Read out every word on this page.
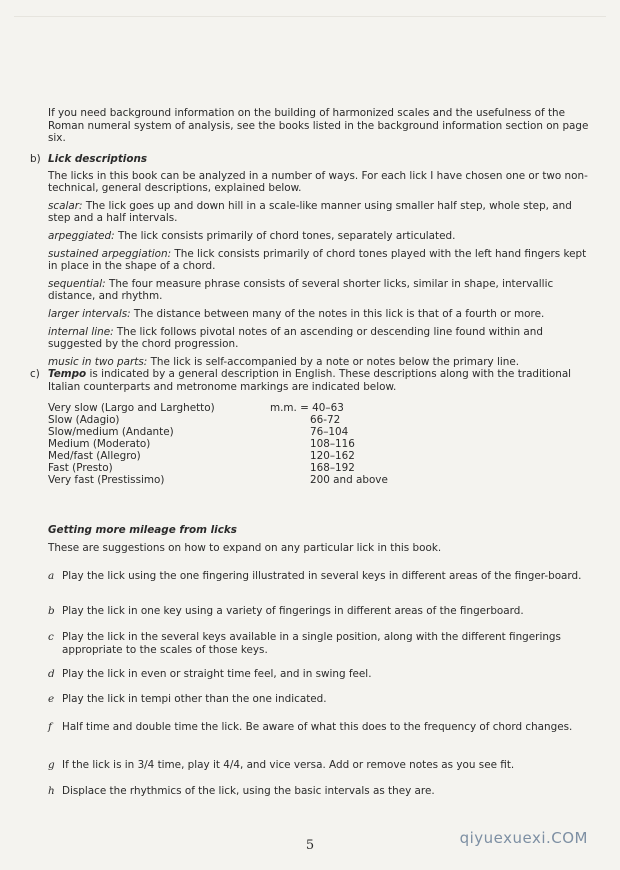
If you need background information on the building of harmonized scales and the usefulness of the Roman numeral system of analysis, see the books listed in the background information section on page six.

b) Lick descriptions

The licks in this book can be analyzed in a number of ways. For each lick I have chosen one or two non-technical, general descriptions, explained below.

scalar: The lick goes up and down hill in a scale-like manner using smaller half step, whole step, and step and a half intervals.

arpeggiated: The lick consists primarily of chord tones, separately articulated.

sustained arpeggiation: The lick consists primarily of chord tones played with the left hand fingers kept in place in the shape of a chord.

sequential: The four measure phrase consists of several shorter licks, similar in shape, intervallic distance, and rhythm.

larger intervals: The distance between many of the notes in this lick is that of a fourth or more.

internal line: The lick follows pivotal notes of an ascending or descending line found within and suggested by the chord progression.

music in two parts: The lick is self-accompanied by a note or notes below the primary line.

c) Tempo is indicated by a general description in English. These descriptions along with the traditional Italian counterparts and metronome markings are indicated below.

Very slow (Largo and Larghetto)	m.m. = 40–63
Slow (Adagio)	66-72
Slow/medium (Andante)	76–104
Medium (Moderato)	108–116
Med/fast (Allegro)	120–162
Fast (Presto)	168–192
Very fast (Prestissimo)	200 and above

Getting more mileage from licks

These are suggestions on how to expand on any particular lick in this book.

a Play the lick using the one fingering illustrated in several keys in different areas of the finger-board.
b Play the lick in one key using a variety of fingerings in different areas of the fingerboard.
c Play the lick in the several keys available in a single position, along with the different fingerings appropriate to the scales of those keys.
d Play the lick in even or straight time feel, and in swing feel.
e Play the lick in tempi other than the one indicated.
f Half time and double time the lick. Be aware of what this does to the frequency of chord changes.
g If the lick is in 3/4 time, play it 4/4, and vice versa. Add or remove notes as you see fit.
h Displace the rhythmics of the lick, using the basic intervals as they are.
5	qiyuexuexi.COM
